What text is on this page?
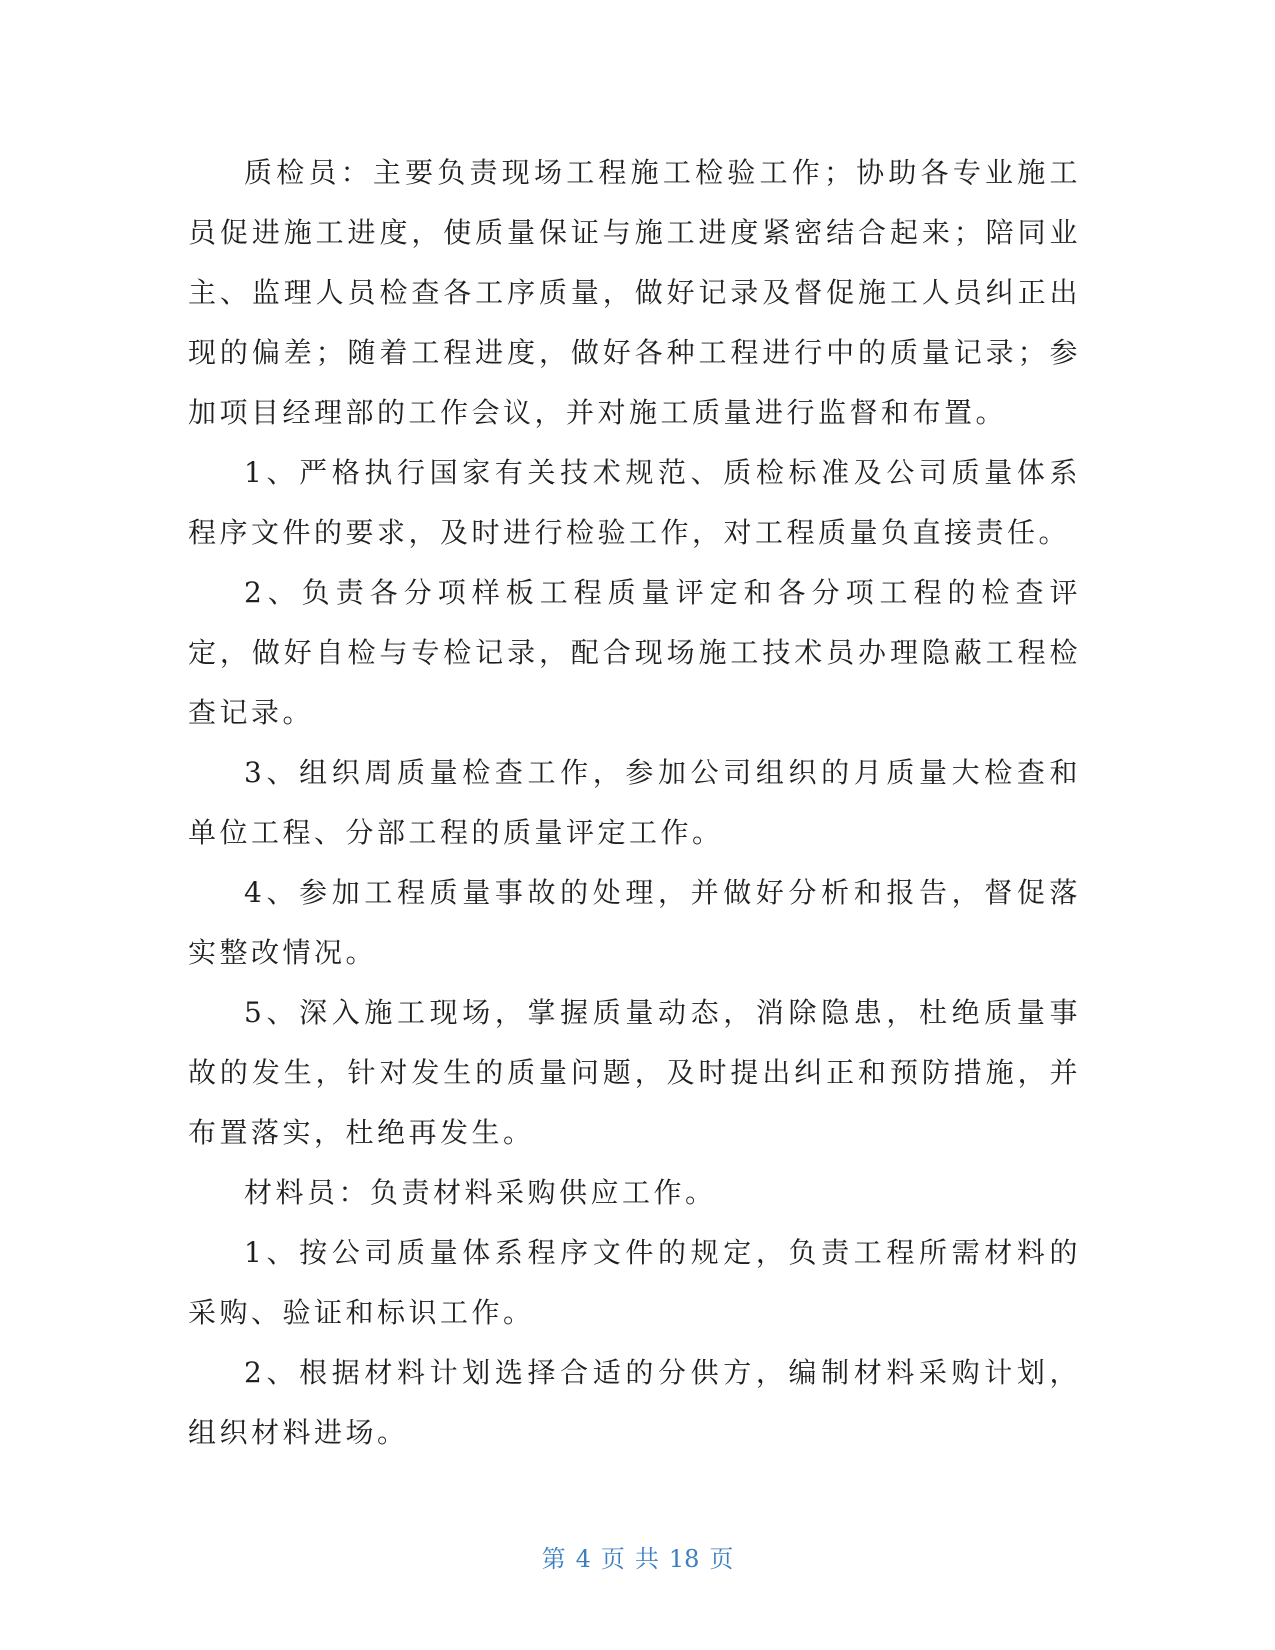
质检员：主要负责现场工程施工检验工作；协助各专业施工员促进施工进度，使质量保证与施工进度紧密结合起来；陪同业主、监理人员检查各工序质量，做好记录及督促施工人员纠正出现的偏差；随着工程进度，做好各种工程进行中的质量记录；参加项目经理部的工作会议，并对施工质量进行监督和布置。

1、严格执行国家有关技术规范、质检标准及公司质量体系程序文件的要求，及时进行检验工作，对工程质量负直接责任。

2、负责各分项样板工程质量评定和各分项工程的检查评定，做好自检与专检记录，配合现场施工技术员办理隐蔽工程检查记录。

3、组织周质量检查工作，参加公司组织的月质量大检查和单位工程、分部工程的质量评定工作。

4、参加工程质量事故的处理，并做好分析和报告，督促落实整改情况。

5、深入施工现场，掌握质量动态，消除隐患，杜绝质量事故的发生，针对发生的质量问题，及时提出纠正和预防措施，并布置落实，杜绝再发生。

材料员：负责材料采购供应工作。

1、按公司质量体系程序文件的规定，负责工程所需材料的采购、验证和标识工作。

2、根据材料计划选择合适的分供方，编制材料采购计划，组织材料进场。

第 4 页 共 18 页
